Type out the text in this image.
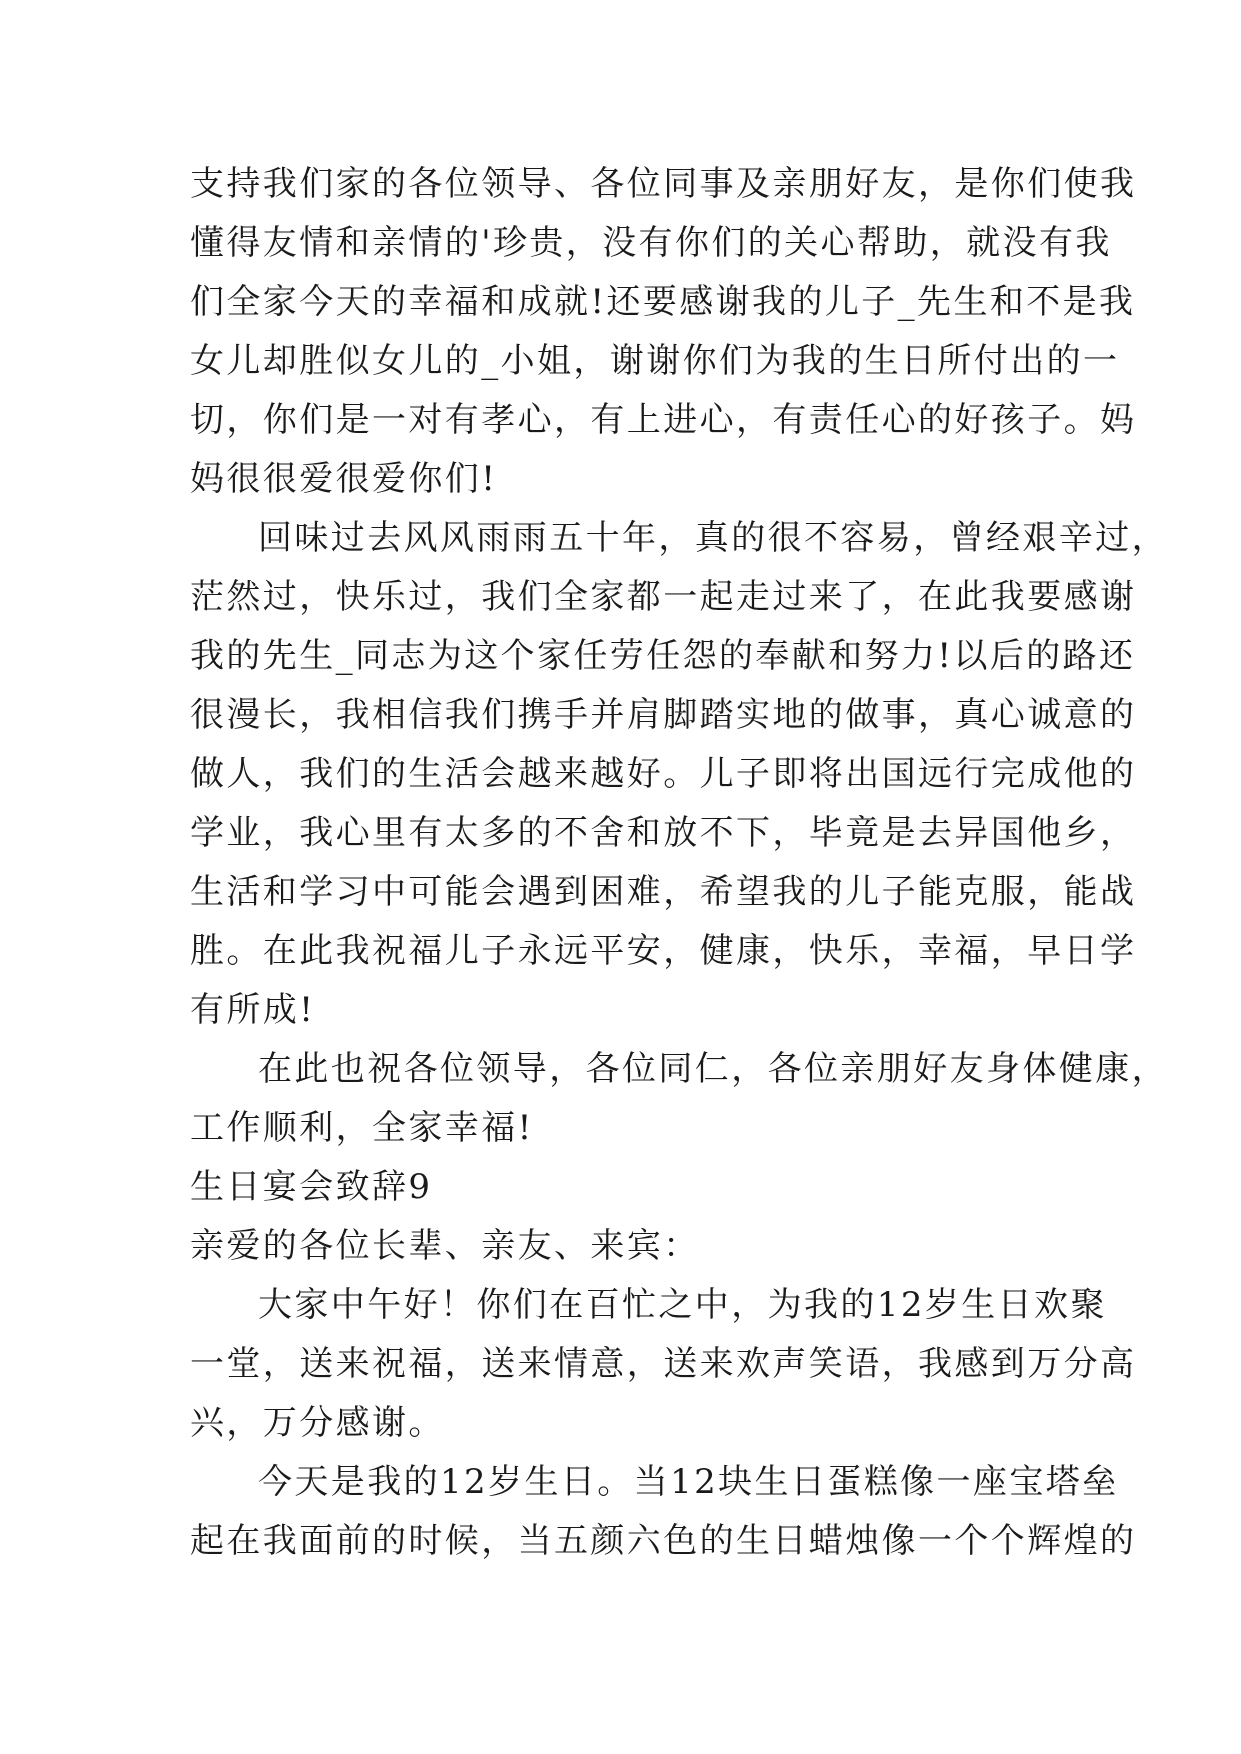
支持我们家的各位领导、各位同事及亲朋好友，是你们使我
懂得友情和亲情的'珍贵，没有你们的关心帮助，就没有我
们全家今天的幸福和成就!还要感谢我的儿子_先生和不是我
女儿却胜似女儿的_小姐，谢谢你们为我的生日所付出的一
切，你们是一对有孝心，有上进心，有责任心的好孩子。妈
妈很很爱很爱你们!
回味过去风风雨雨五十年，真的很不容易，曾经艰辛过，
茫然过，快乐过，我们全家都一起走过来了，在此我要感谢
我的先生_同志为这个家任劳任怨的奉献和努力!以后的路还
很漫长，我相信我们携手并肩脚踏实地的做事，真心诚意的
做人，我们的生活会越来越好。儿子即将出国远行完成他的
学业，我心里有太多的不舍和放不下，毕竟是去异国他乡，
生活和学习中可能会遇到困难，希望我的儿子能克服，能战
胜。在此我祝福儿子永远平安，健康，快乐，幸福，早日学
有所成!
在此也祝各位领导，各位同仁，各位亲朋好友身体健康，
工作顺利，全家幸福!
生日宴会致辞9
亲爱的各位长辈、亲友、来宾：
大家中午好！你们在百忙之中，为我的12岁生日欢聚
一堂，送来祝福，送来情意，送来欢声笑语，我感到万分高
兴，万分感谢。
今天是我的12岁生日。当12块生日蛋糕像一座宝塔垒
起在我面前的时候，当五颜六色的生日蜡烛像一个个辉煌的
